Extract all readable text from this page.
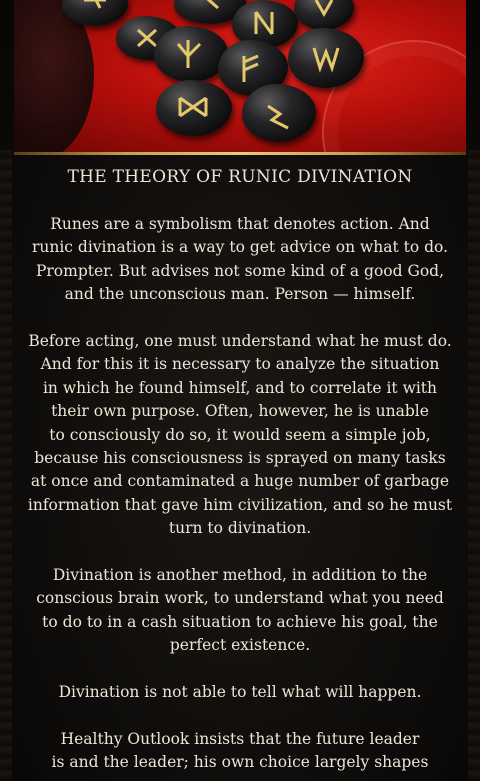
THE THEORY OF RUNIC DIVINATION

Runes are a symbolism that denotes action. And
runic divination is a way to get advice on what to do.
Prompter. But advises not some kind of a good God,
and the unconscious man. Person — himself.

Before acting, one must understand what he must do.
And for this it is necessary to analyze the situation
in which he found himself, and to correlate it with
their own purpose. Often, however, he is unable
to consciously do so, it would seem a simple job,
because his consciousness is sprayed on many tasks
at once and contaminated a huge number of garbage
information that gave him civilization, and so he must
turn to divination.

Divination is another method, in addition to the
conscious brain work, to understand what you need
to do to in a cash situation to achieve his goal, the
perfect existence.

Divination is not able to tell what will happen.

Healthy Outlook insists that the future leader
is and the leader; his own choice largely shapes
